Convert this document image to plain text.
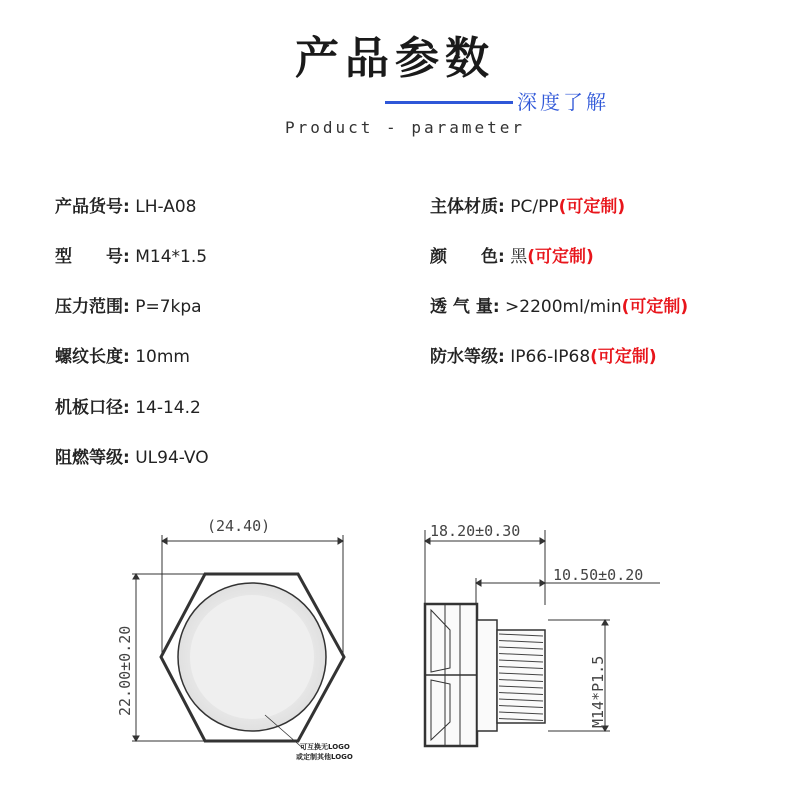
产品参数
深度了解
Product - parameter
产品货号: LH-A08
型　　号: M14*1.5
压力范围: P=7kpa
螺纹长度: 10mm
机板口径: 14-14.2
阻燃等级: UL94-VO
主体材质: PC/PP(可定制)
颜　　色: 黑(可定制)
透 气 量: >2200ml/min(可定制)
防水等级: IP66-IP68(可定制)
(24.40)
22.00±0.20
可互换无LOGO
或定制其他LOGO
18.20±0.30
10.50±0.20
M14*P1.5
